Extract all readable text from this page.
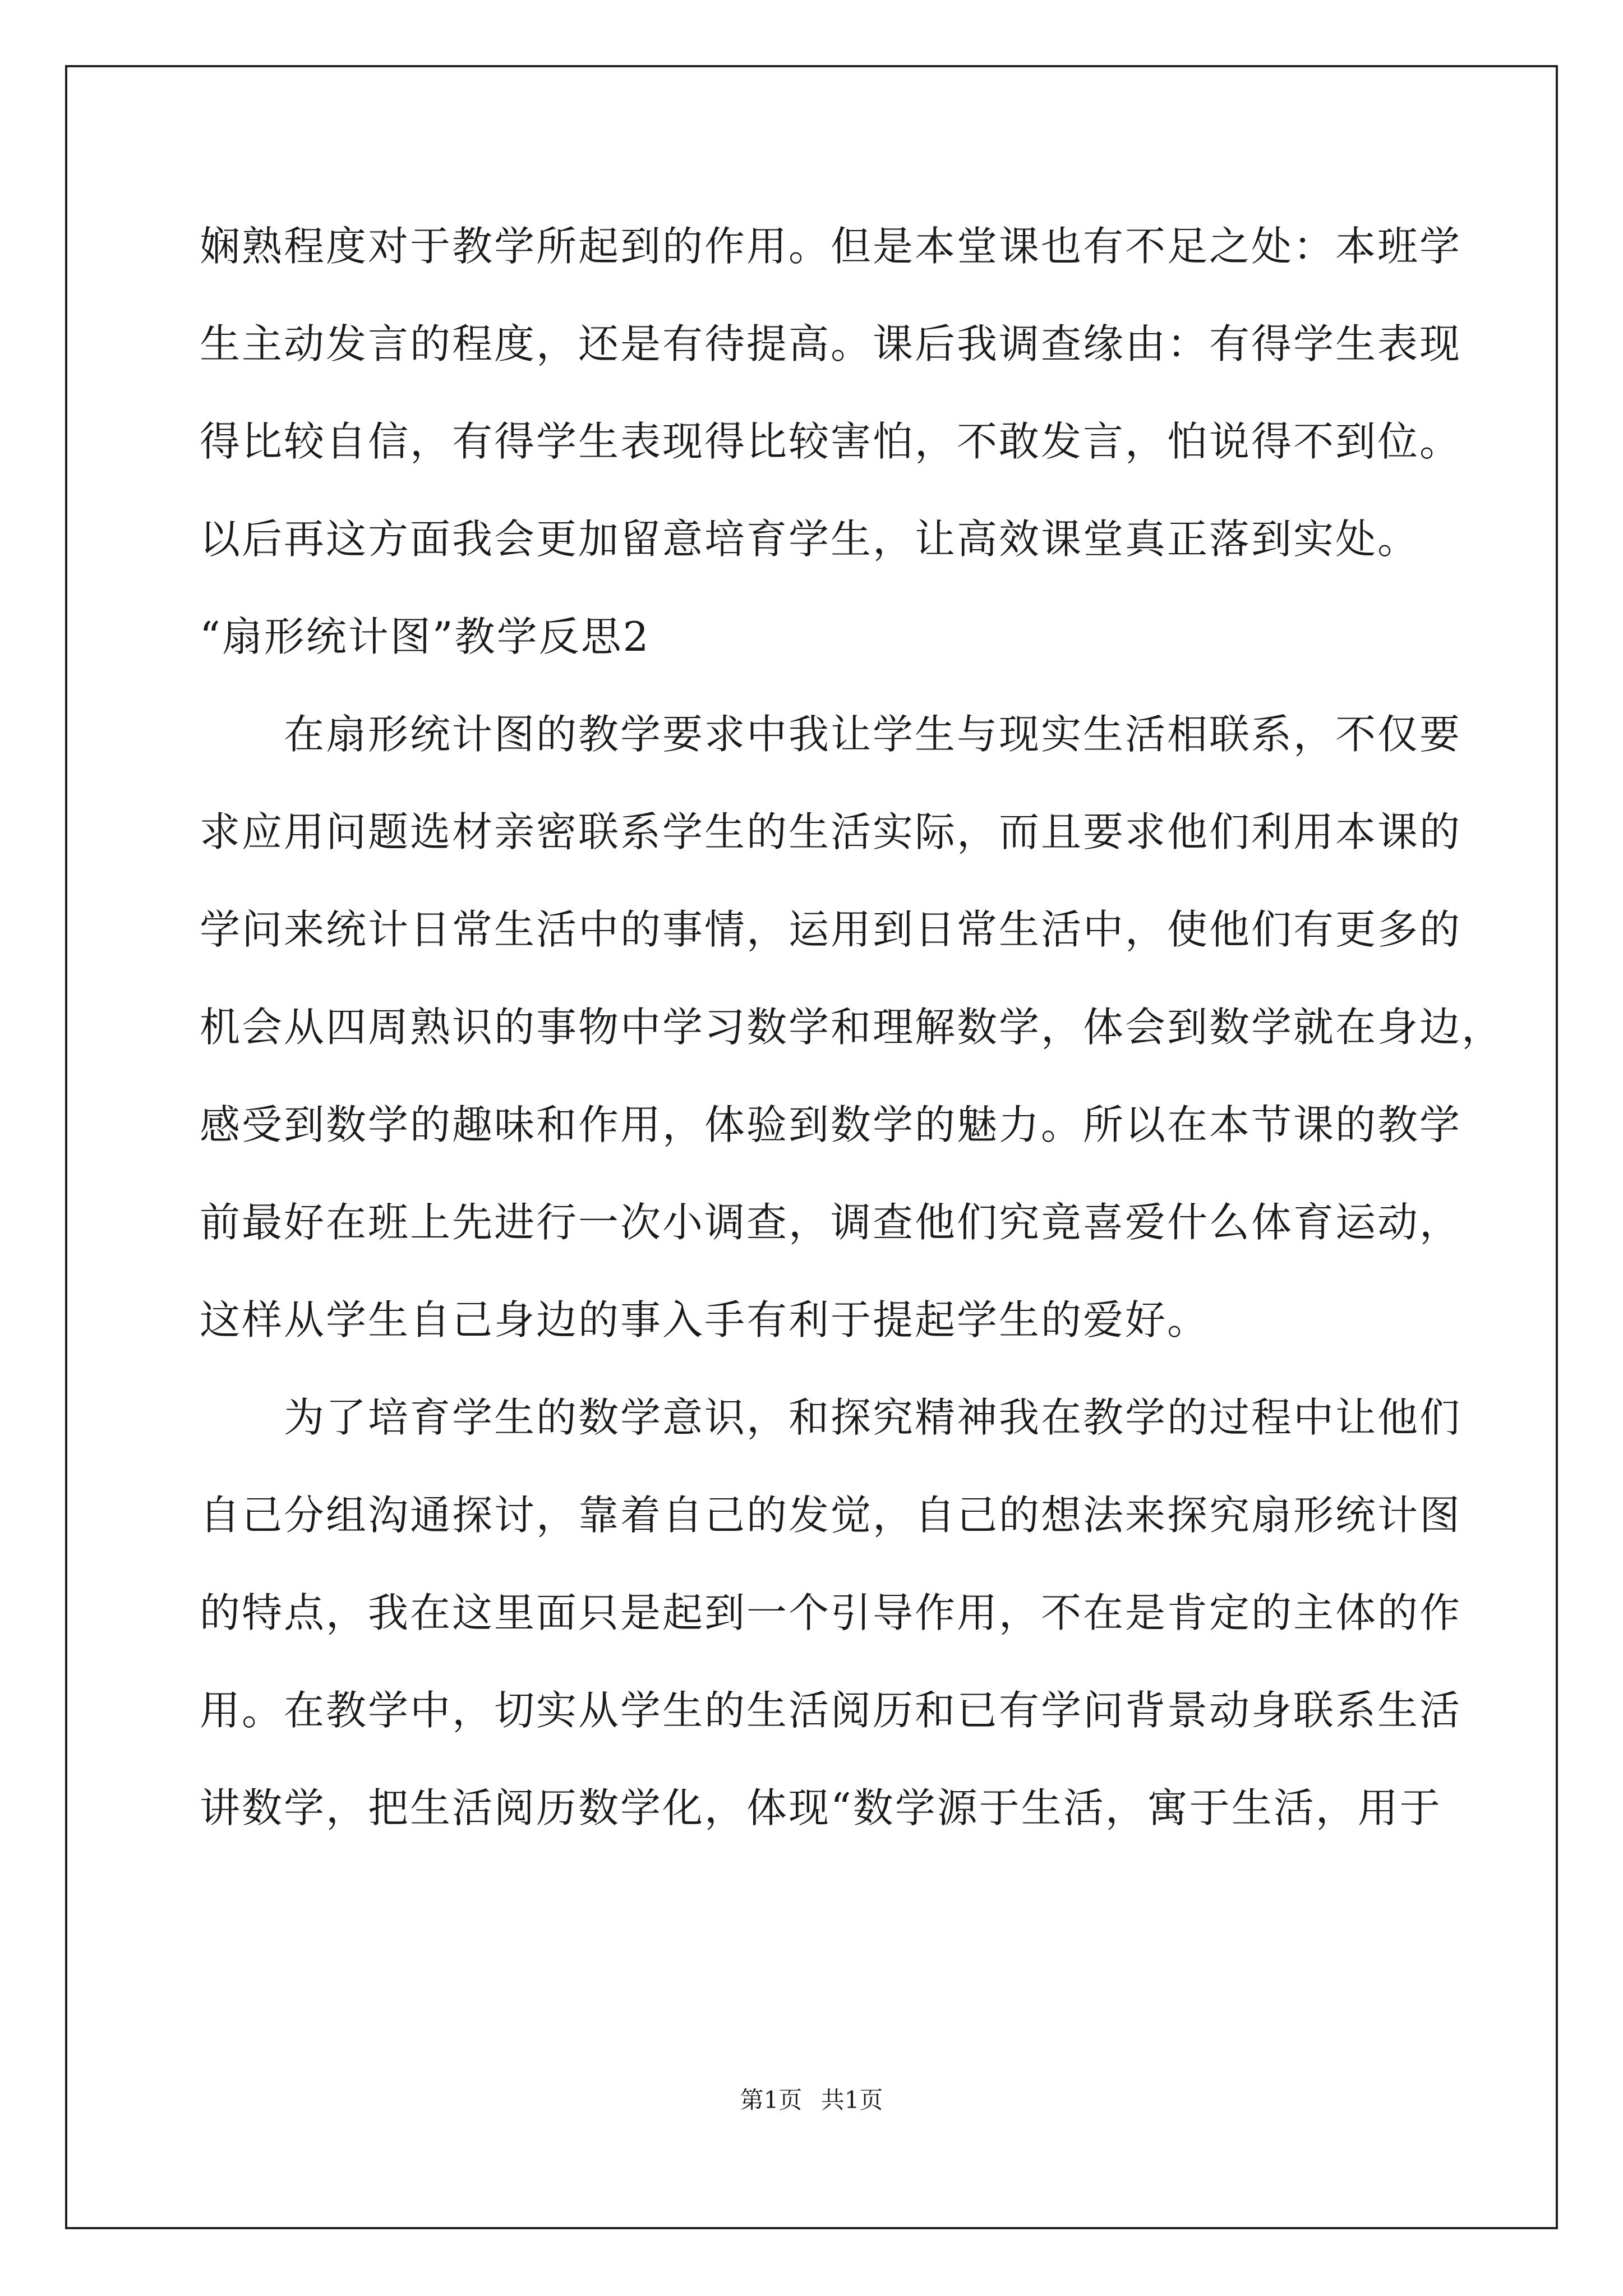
娴熟程度对于教学所起到的作用。但是本堂课也有不足之处：本班学
生主动发言的程度，还是有待提高。课后我调查缘由：有得学生表现
得比较自信，有得学生表现得比较害怕，不敢发言，怕说得不到位。
以后再这方面我会更加留意培育学生，让高效课堂真正落到实处。
“扇形统计图”教学反思2
　　在扇形统计图的教学要求中我让学生与现实生活相联系，不仅要
求应用问题选材亲密联系学生的生活实际，而且要求他们利用本课的
学问来统计日常生活中的事情，运用到日常生活中，使他们有更多的
机会从四周熟识的事物中学习数学和理解数学，体会到数学就在身边，
感受到数学的趣味和作用，体验到数学的魅力。所以在本节课的教学
前最好在班上先进行一次小调查，调查他们究竟喜爱什么体育运动，
这样从学生自己身边的事入手有利于提起学生的爱好。
　　为了培育学生的数学意识，和探究精神我在教学的过程中让他们
自己分组沟通探讨，靠着自己的发觉，自己的想法来探究扇形统计图
的特点，我在这里面只是起到一个引导作用，不在是肯定的主体的作
用。在教学中，切实从学生的生活阅历和已有学问背景动身联系生活
讲数学，把生活阅历数学化，体现“数学源于生活，寓于生活，用于
第1页 共1页
